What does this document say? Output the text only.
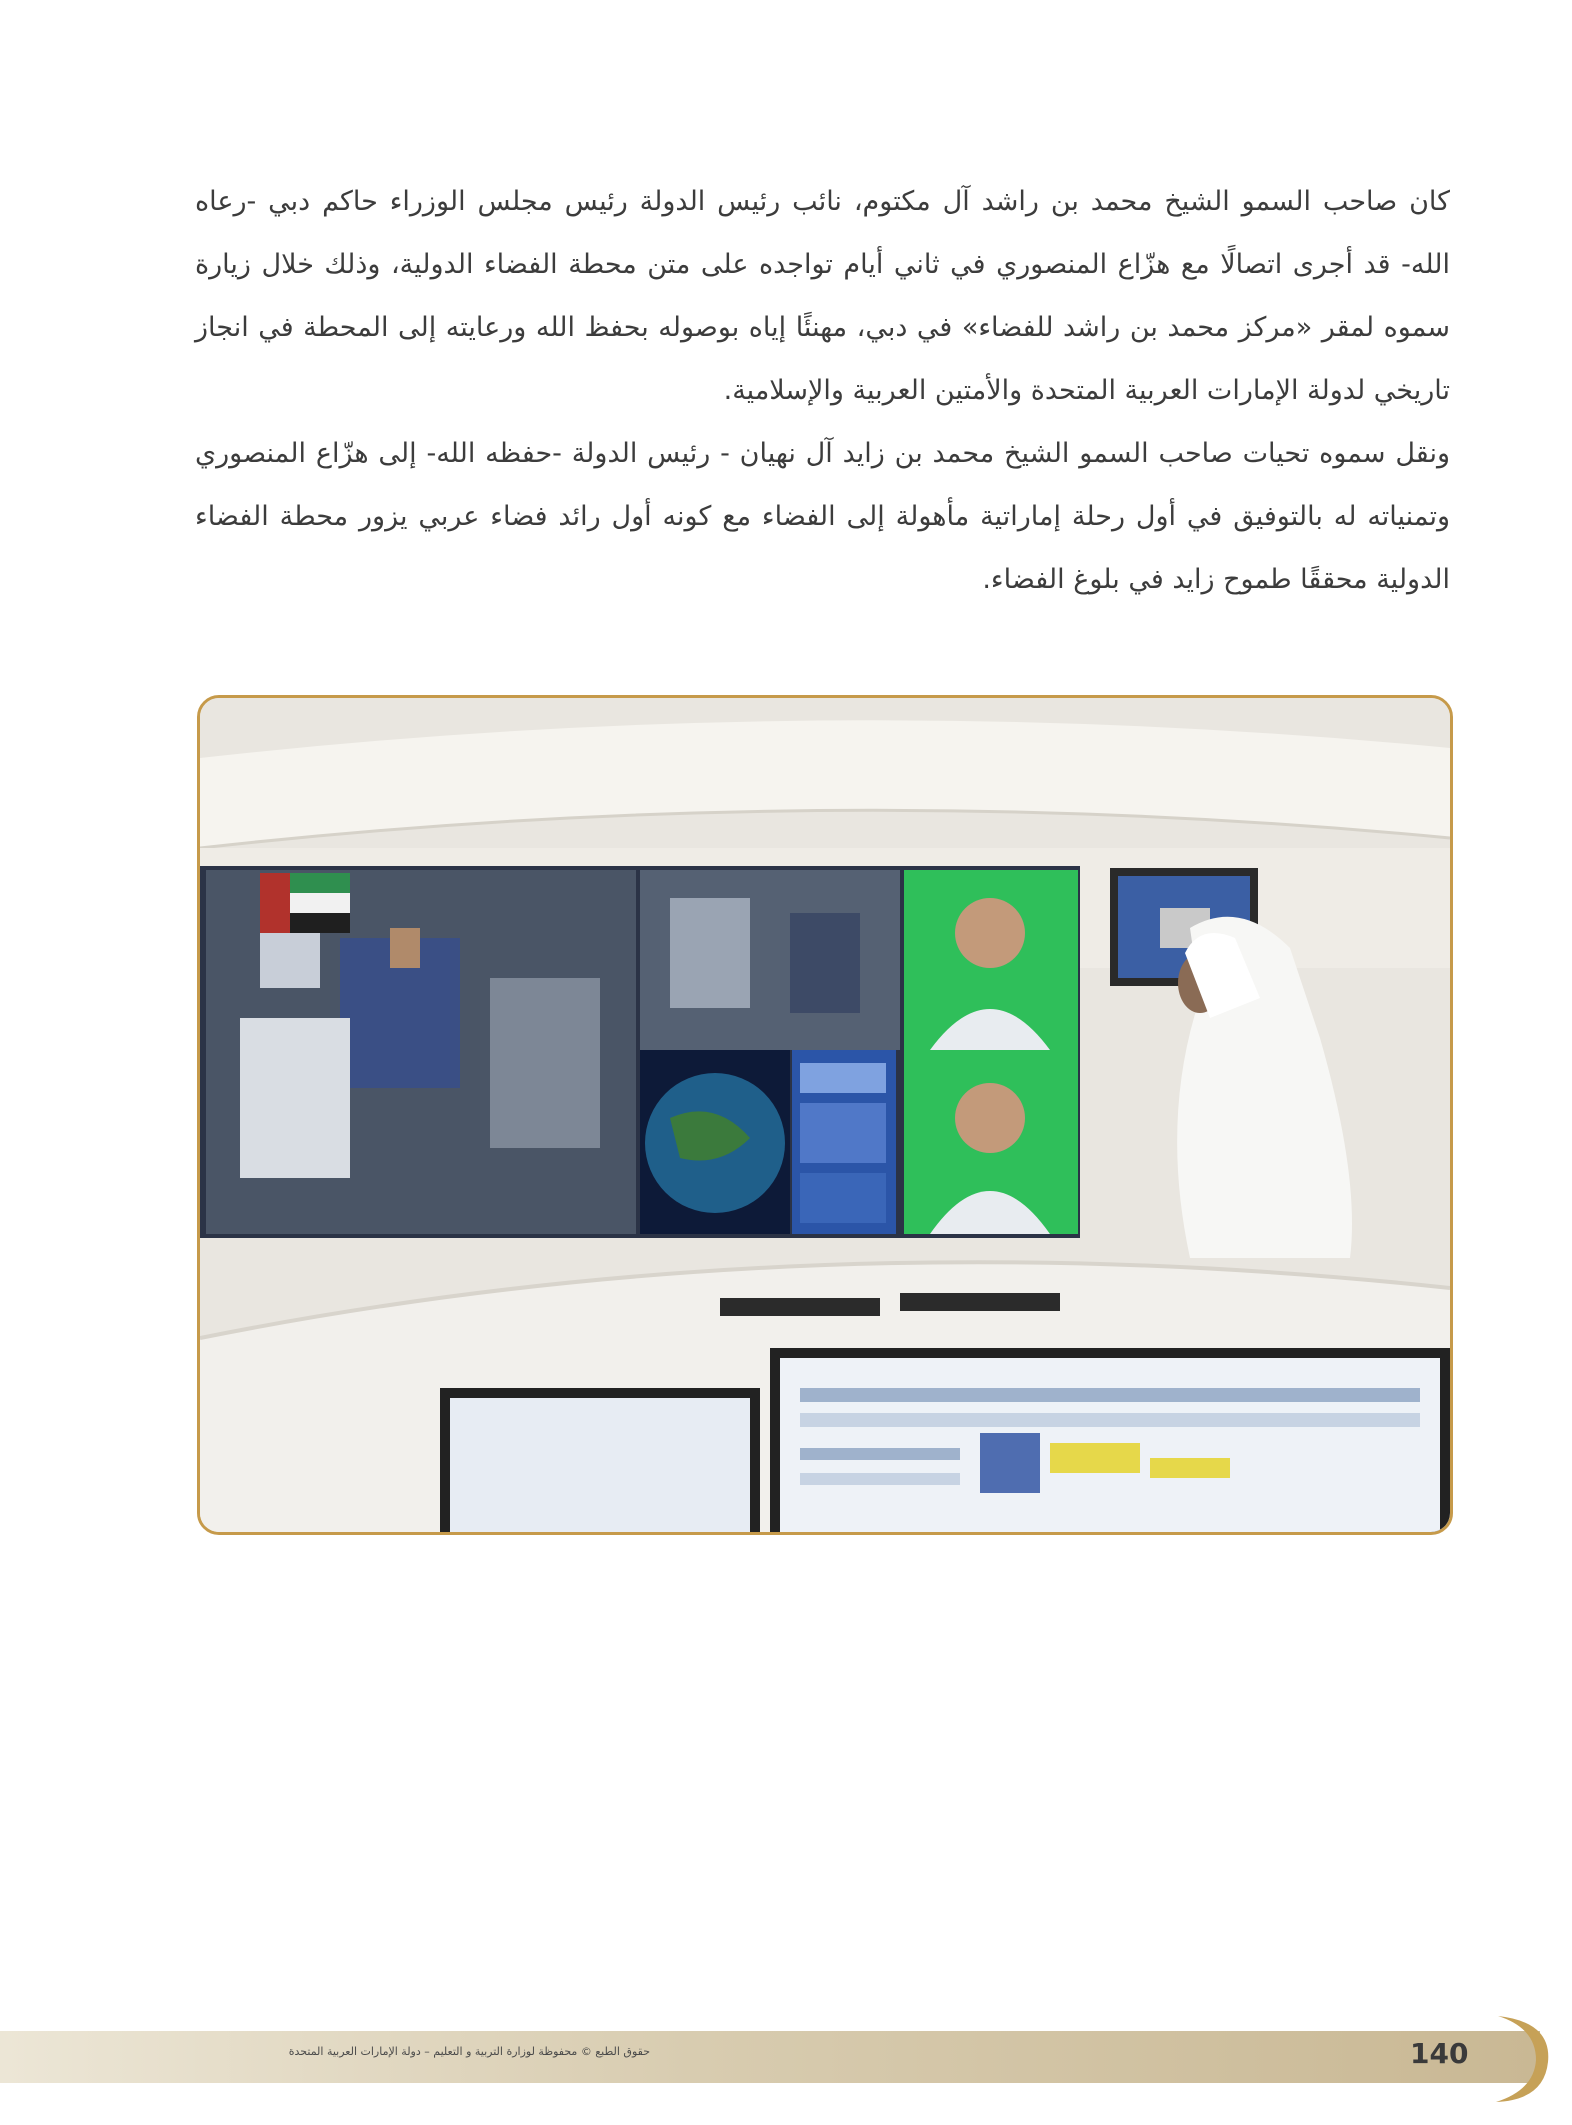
كان صاحب السمو الشيخ محمد بن راشد آل مكتوم، نائب رئيس الدولة رئيس مجلس الوزراء حاكم دبي -رعاه الله- قد أجرى اتصالًا مع هزّاع المنصوري في ثاني أيام تواجده على متن محطة الفضاء الدولية، وذلك خلال زيارة سموه لمقر «مركز محمد بن راشد للفضاء» في دبي، مهنئًا إياه بوصوله بحفظ الله ورعايته إلى المحطة في انجاز تاريخي لدولة الإمارات العربية المتحدة والأمتين العربية والإسلامية.

ونقل سموه تحيات صاحب السمو الشيخ محمد بن زايد آل نهيان - رئيس الدولة -حفظه الله- إلى هزّاع المنصوري وتمنياته له بالتوفيق في أول رحلة إماراتية مأهولة إلى الفضاء مع كونه أول رائد فضاء عربي يزور محطة الفضاء الدولية محققًا طموح زايد في بلوغ الفضاء.

حقوق الطبع © محفوظة لوزارة التربية و التعليم – دولة الإمارات العربية المتحدة	140
